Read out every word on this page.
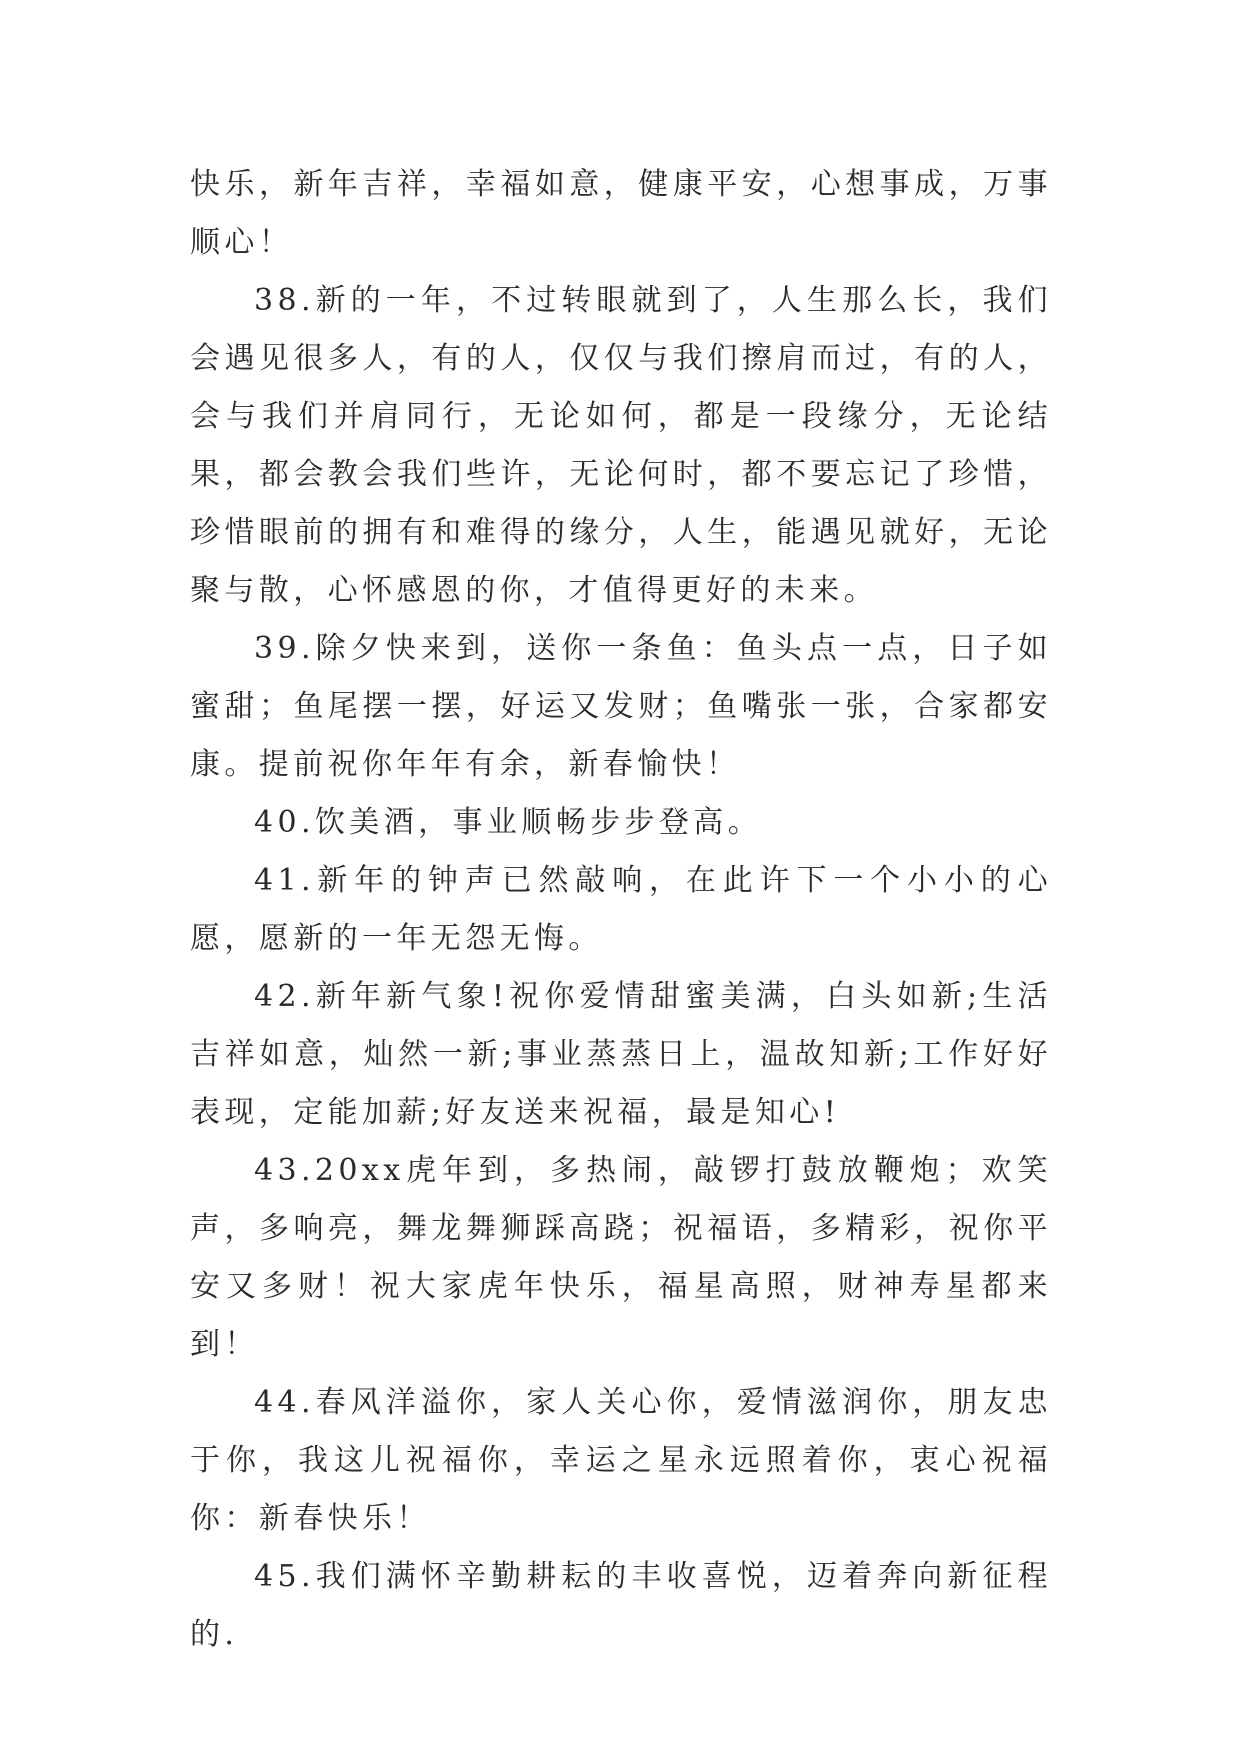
快乐，新年吉祥，幸福如意，健康平安，心想事成，万事顺心！

38.新的一年，不过转眼就到了，人生那么长，我们会遇见很多人，有的人，仅仅与我们擦肩而过，有的人，会与我们并肩同行，无论如何，都是一段缘分，无论结果，都会教会我们些许，无论何时，都不要忘记了珍惜，珍惜眼前的拥有和难得的缘分，人生，能遇见就好，无论聚与散，心怀感恩的你，才值得更好的未来。

39.除夕快来到，送你一条鱼：鱼头点一点，日子如蜜甜；鱼尾摆一摆，好运又发财；鱼嘴张一张，合家都安康。提前祝你年年有余，新春愉快！

40.饮美酒，事业顺畅步步登高。

41.新年的钟声已然敲响，在此许下一个小小的心愿，愿新的一年无怨无悔。

42.新年新气象!祝你爱情甜蜜美满，白头如新;生活吉祥如意，灿然一新;事业蒸蒸日上，温故知新;工作好好表现，定能加薪;好友送来祝福，最是知心!

43.20xx虎年到，多热闹，敲锣打鼓放鞭炮；欢笑声，多响亮，舞龙舞狮踩高跷；祝福语，多精彩，祝你平安又多财！祝大家虎年快乐，福星高照，财神寿星都来到！

44.春风洋溢你，家人关心你，爱情滋润你，朋友忠于你，我这儿祝福你，幸运之星永远照着你，衷心祝福你：新春快乐！

45.我们满怀辛勤耕耘的丰收喜悦，迈着奔向新征程的.
